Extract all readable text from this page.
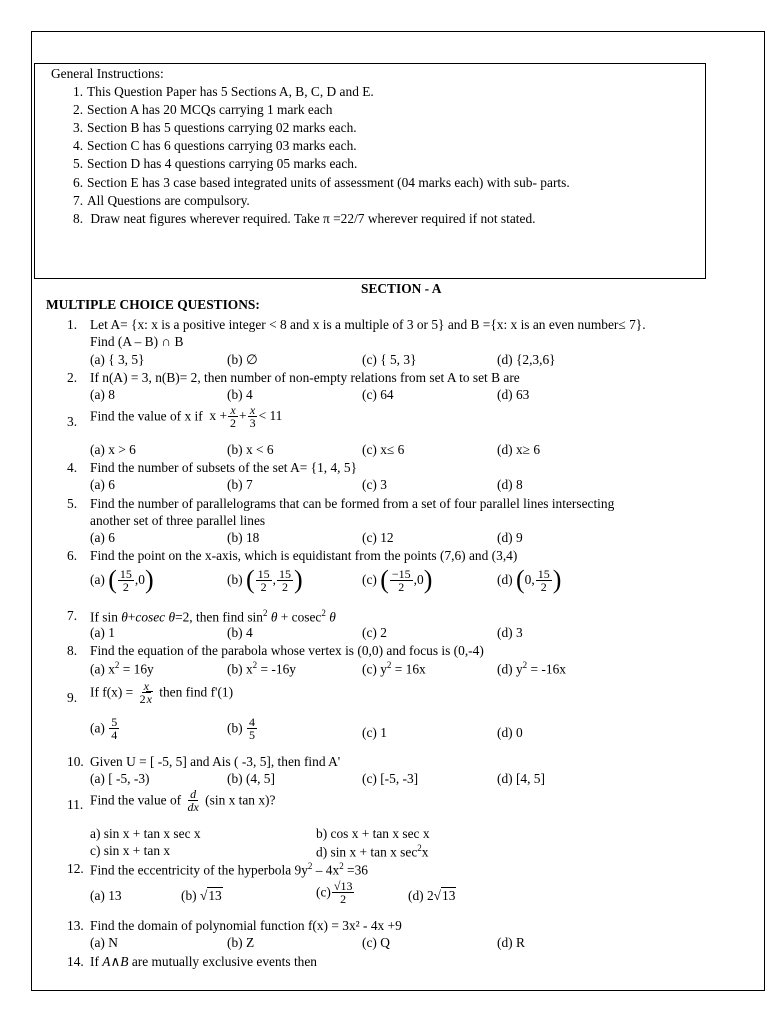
General Instructions:
1. This Question Paper has 5 Sections A, B, C, D and E.
2. Section A has 20 MCQs carrying 1 mark each
3. Section B has 5 questions carrying 02 marks each.
4. Section C has 6 questions carrying 03 marks each.
5. Section D has 4 questions carrying 05 marks each.
6. Section E has 3 case based integrated units of assessment (04 marks each) with sub- parts.
7. All Questions are compulsory.
8. Draw neat figures wherever required. Take π =22/7 wherever required if not stated.
SECTION - A
MULTIPLE CHOICE QUESTIONS:
1. Let A= {x: x is a positive integer < 8 and x is a multiple of 3 or 5} and B ={x: x is an even number≤ 7}.
Find (A – B) ∩ B
(a) { 3, 5}	(b) ∅	(c) { 5, 3}	(d) {2,3,6}
2. If n(A) = 3, n(B)= 2, then number of non-empty relations from set A to set B are
(a) 8	(b) 4	(c) 64	(d) 63
3. Find the value of x if  $x + \frac{x}{2} + \frac{x}{3} < 11$
(a) x > 6	(b) x < 6	(c) x≤ 6	(d) x≥ 6
4. Find the number of subsets of the set A= {1, 4, 5}
(a) 6	(b) 7	(c) 3	(d) 8
5. Find the number of parallelograms that can be formed from a set of four parallel lines intersecting
another set of three parallel lines
(a) 6	(b) 18	(c) 12	(d) 9
6. Find the point on the x-axis, which is equidistant from the points (7,6) and (3,4)
(a) ( $\frac{15}{2} ,0$)	(b) ( $\frac{15}{2}$ , $\frac{15}{2}$ )	(c) ( $\frac{-15}{2} ,0$)	(d) (0, $\frac{15}{2}$ )
7. If sin θ+cosec θ=2, then find $\sin^2 \theta + cosec^2$ θ
(a) 1	(b) 4	(c) 2	(d) 3
8. Find the equation of the parabola whose vertex is (0,0) and focus is (0,-4)
(a) $x^2 = 16y$	(b) $x^2 = -16y$	(c) $y^2 = 16x$	(d) $y^2 = -16x$
9. If $f(x) = \frac{x}{2x}$ then find f'(1)
$(a) \frac{5}{4}$	$(b) \frac{4}{5}$	(c) 1	(d) 0
10. Given U = [ -5, 5] and Ais ( -3, 5], then find A'
(a) [ -5, -3)	(b) (4, 5]	(c) [-5, -3]	(d) [4, 5]
11. Find the value of $\frac{d}{dx} (\sin$ x tan x)?
a) sin x + tan x sec x	b) cos x + tan x sec x
c) sin x + tan x	d) sin x + tan x $\sec^2x$
12. Find the eccentricity of the hyperbola $9y^2 - 4x^2 =36$
(a) 13	(b) √13	$(c) \frac{√13}{2}$	(d) 2√13
13. Find the domain of polynomial function f(x) = 3x² - 4x +9
(a) N	(b) Z	(c) Q	(d) R
14. If A∧B are mutually exclusive events then
